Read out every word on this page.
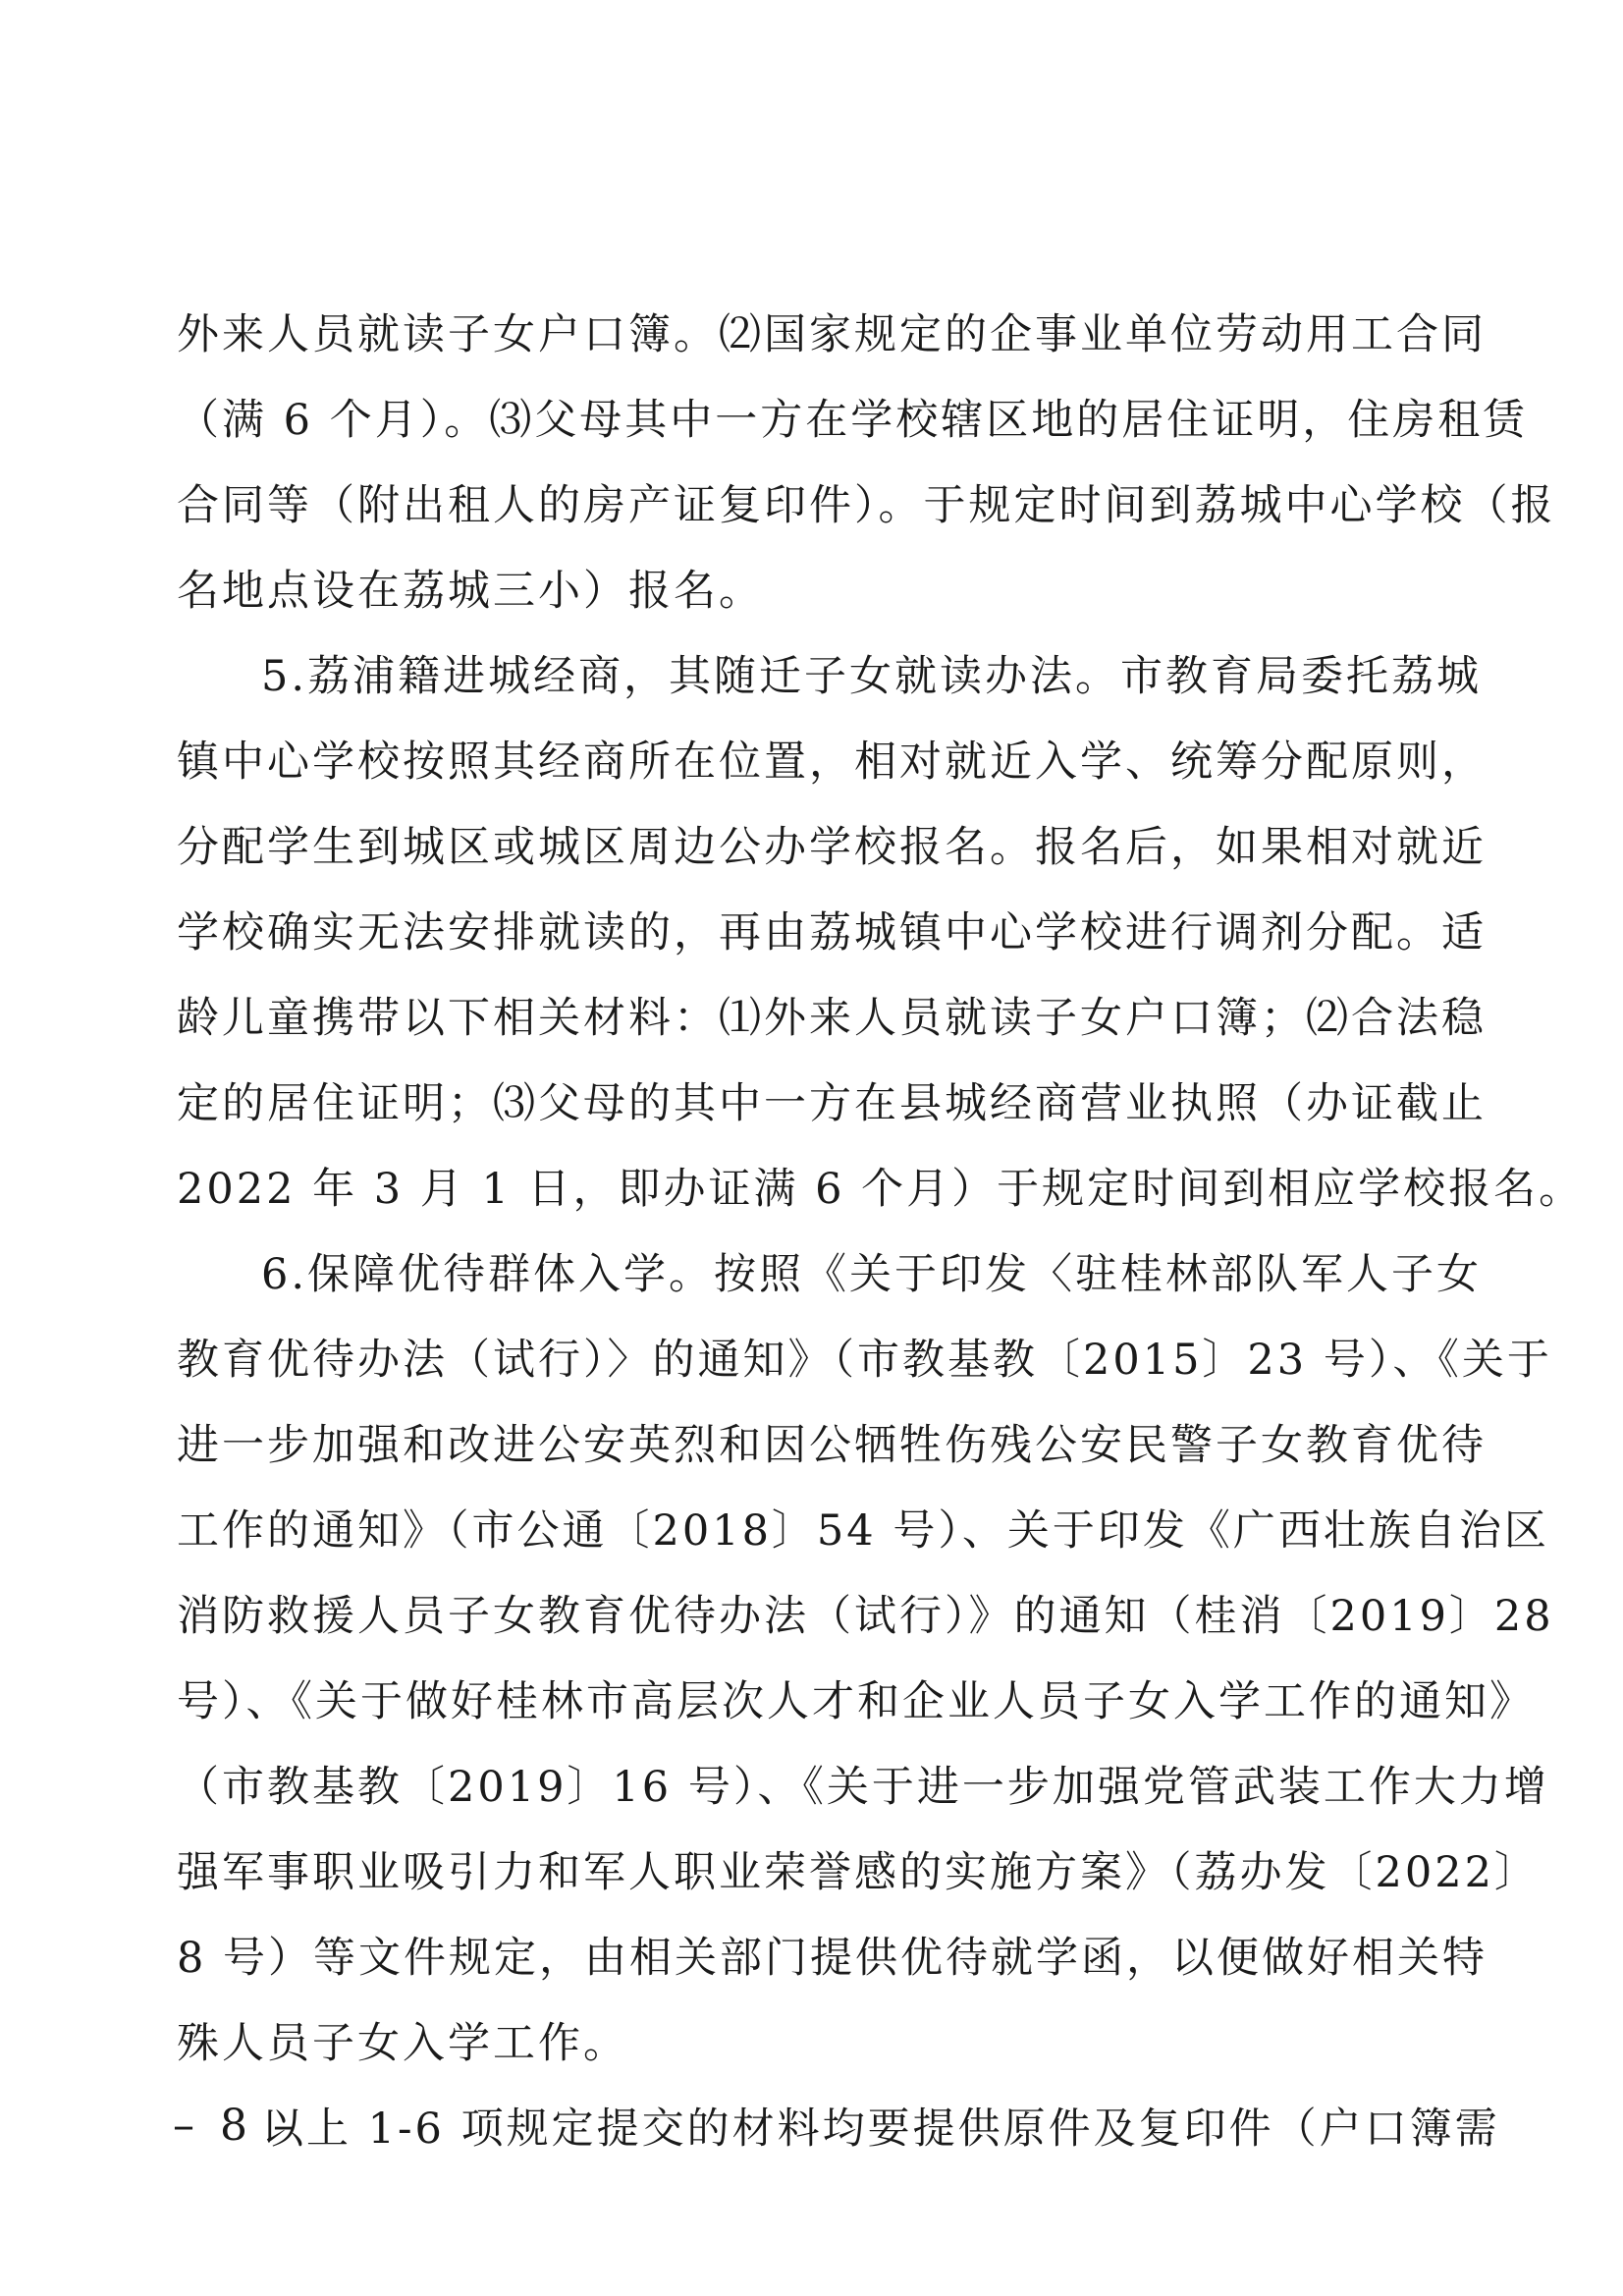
外来人员就读子女户口簿。⑵国家规定的企事业单位劳动用工合同
（满 6 个月）。⑶父母其中一方在学校辖区地的居住证明，住房租赁
合同等（附出租人的房产证复印件）。于规定时间到荔城中心学校（报
名地点设在荔城三小）报名。
5.荔浦籍进城经商，其随迁子女就读办法。市教育局委托荔城
镇中心学校按照其经商所在位置，相对就近入学、统筹分配原则，
分配学生到城区或城区周边公办学校报名。报名后，如果相对就近
学校确实无法安排就读的，再由荔城镇中心学校进行调剂分配。适
龄儿童携带以下相关材料：⑴外来人员就读子女户口簿；⑵合法稳
定的居住证明；⑶父母的其中一方在县城经商营业执照（办证截止
2022 年 3 月 1 日，即办证满 6 个月）于规定时间到相应学校报名。
6.保障优待群体入学。按照《关于印发〈驻桂林部队军人子女
教育优待办法（试行）〉的通知》（市教基教〔2015〕23 号）、《关于
进一步加强和改进公安英烈和因公牺牲伤残公安民警子女教育优待
工作的通知》（市公通〔2018〕54 号）、关于印发《广西壮族自治区
消防救援人员子女教育优待办法（试行）》的通知（桂消〔2019〕28
号）、《关于做好桂林市高层次人才和企业人员子女入学工作的通知》
（市教基教〔2019〕16 号）、《关于进一步加强党管武装工作大力增
强军事职业吸引力和军人职业荣誉感的实施方案》（荔办发〔2022〕
8 号）等文件规定，由相关部门提供优待就学函，以便做好相关特
殊人员子女入学工作。
以上 1-6 项规定提交的材料均要提供原件及复印件（户口簿需
– 8 –
